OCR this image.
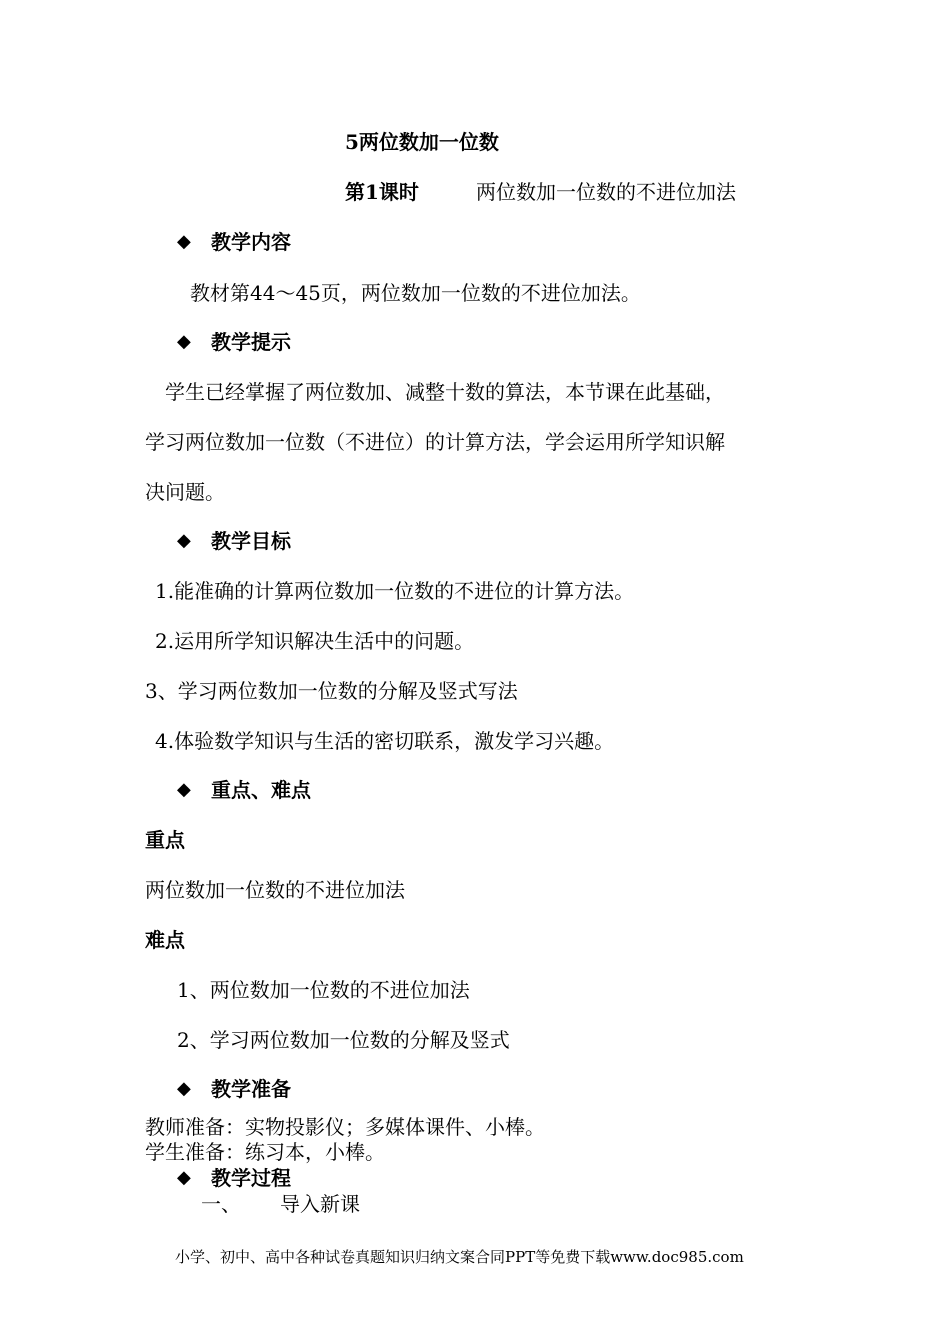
5两位数加一位数
第1课时	两位数加一位数的不进位加法
◆ 教学内容
教材第44～45页，两位数加一位数的不进位加法。
◆ 教学提示
学生已经掌握了两位数加、减整十数的算法，本节课在此基础，
学习两位数加一位数（不进位）的计算方法，学会运用所学知识解
决问题。
◆ 教学目标
1.能准确的计算两位数加一位数的不进位的计算方法。
2.运用所学知识解决生活中的问题。
3、学习两位数加一位数的分解及竖式写法
4.体验数学知识与生活的密切联系，激发学习兴趣。
◆ 重点、难点
重点
两位数加一位数的不进位加法
难点
1、两位数加一位数的不进位加法
2、学习两位数加一位数的分解及竖式
◆ 教学准备
教师准备：实物投影仪；多媒体课件、小棒。
学生准备：练习本，小棒。
◆ 教学过程
一、 导入新课
小学、初中、高中各种试卷真题知识归纳文案合同PPT等免费下载www.doc985.com
